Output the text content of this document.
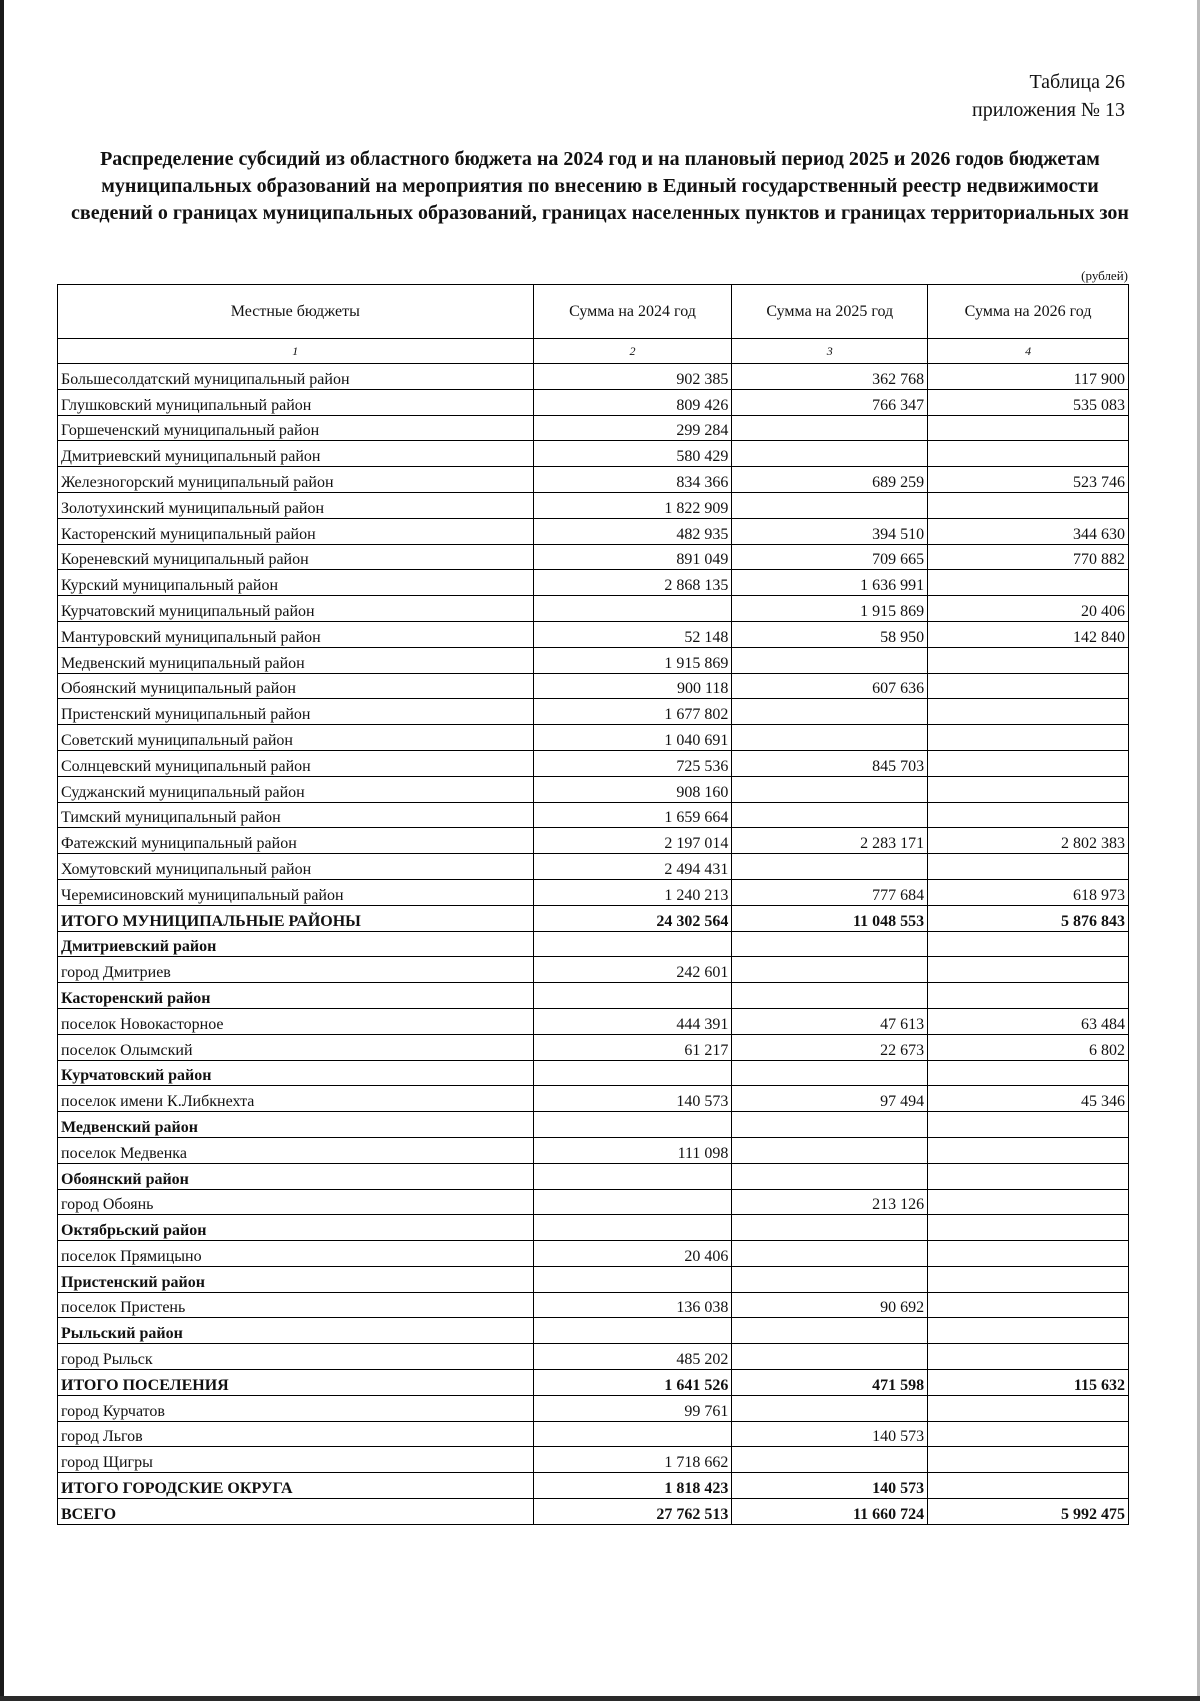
Таблица 26
приложения № 13
Распределение субсидий из областного бюджета на 2024 год и на плановый период 2025 и 2026 годов бюджетам муниципальных образований на мероприятия по внесению в Единый государственный реестр недвижимости сведений о границах муниципальных образований, границах населенных пунктов и границах территориальных зон
(рублей)
Местные бюджеты	Сумма на 2024 год	Сумма на 2025 год	Сумма на 2026 год
1	2	3	4
Большесолдатский муниципальный район	902 385	362 768	117 900
Глушковский муниципальный район	809 426	766 347	535 083
Горшеченский муниципальный район	299 284		
Дмитриевский муниципальный район	580 429		
Железногорский муниципальный район	834 366	689 259	523 746
Золотухинский муниципальный район	1 822 909		
Касторенский муниципальный район	482 935	394 510	344 630
Кореневский муниципальный район	891 049	709 665	770 882
Курский муниципальный район	2 868 135	1 636 991	
Курчатовский муниципальный район		1 915 869	20 406
Мантуровский муниципальный район	52 148	58 950	142 840
Медвенский муниципальный район	1 915 869		
Обоянский муниципальный район	900 118	607 636	
Пристенский муниципальный район	1 677 802		
Советский муниципальный район	1 040 691		
Солнцевский муниципальный район	725 536	845 703	
Суджанский муниципальный район	908 160		
Тимский муниципальный район	1 659 664		
Фатежский муниципальный район	2 197 014	2 283 171	2 802 383
Хомутовский муниципальный район	2 494 431		
Черемисиновский муниципальный район	1 240 213	777 684	618 973
ИТОГО МУНИЦИПАЛЬНЫЕ РАЙОНЫ	24 302 564	11 048 553	5 876 843
Дмитриевский район			
город Дмитриев	242 601		
Касторенский район			
поселок Новокасторное	444 391	47 613	63 484
поселок Олымский	61 217	22 673	6 802
Курчатовский район			
поселок имени К.Либкнехта	140 573	97 494	45 346
Медвенский район			
поселок Медвенка	111 098		
Обоянский район			
город Обоянь		213 126	
Октябрьский район			
поселок Прямицыно	20 406		
Пристенский район			
поселок Пристень	136 038	90 692	
Рыльский район			
город Рыльск	485 202		
ИТОГО ПОСЕЛЕНИЯ	1 641 526	471 598	115 632
город Курчатов	99 761		
город Льгов		140 573	
город Щигры	1 718 662		
ИТОГО ГОРОДСКИЕ ОКРУГА	1 818 423	140 573	
ВСЕГО	27 762 513	11 660 724	5 992 475
